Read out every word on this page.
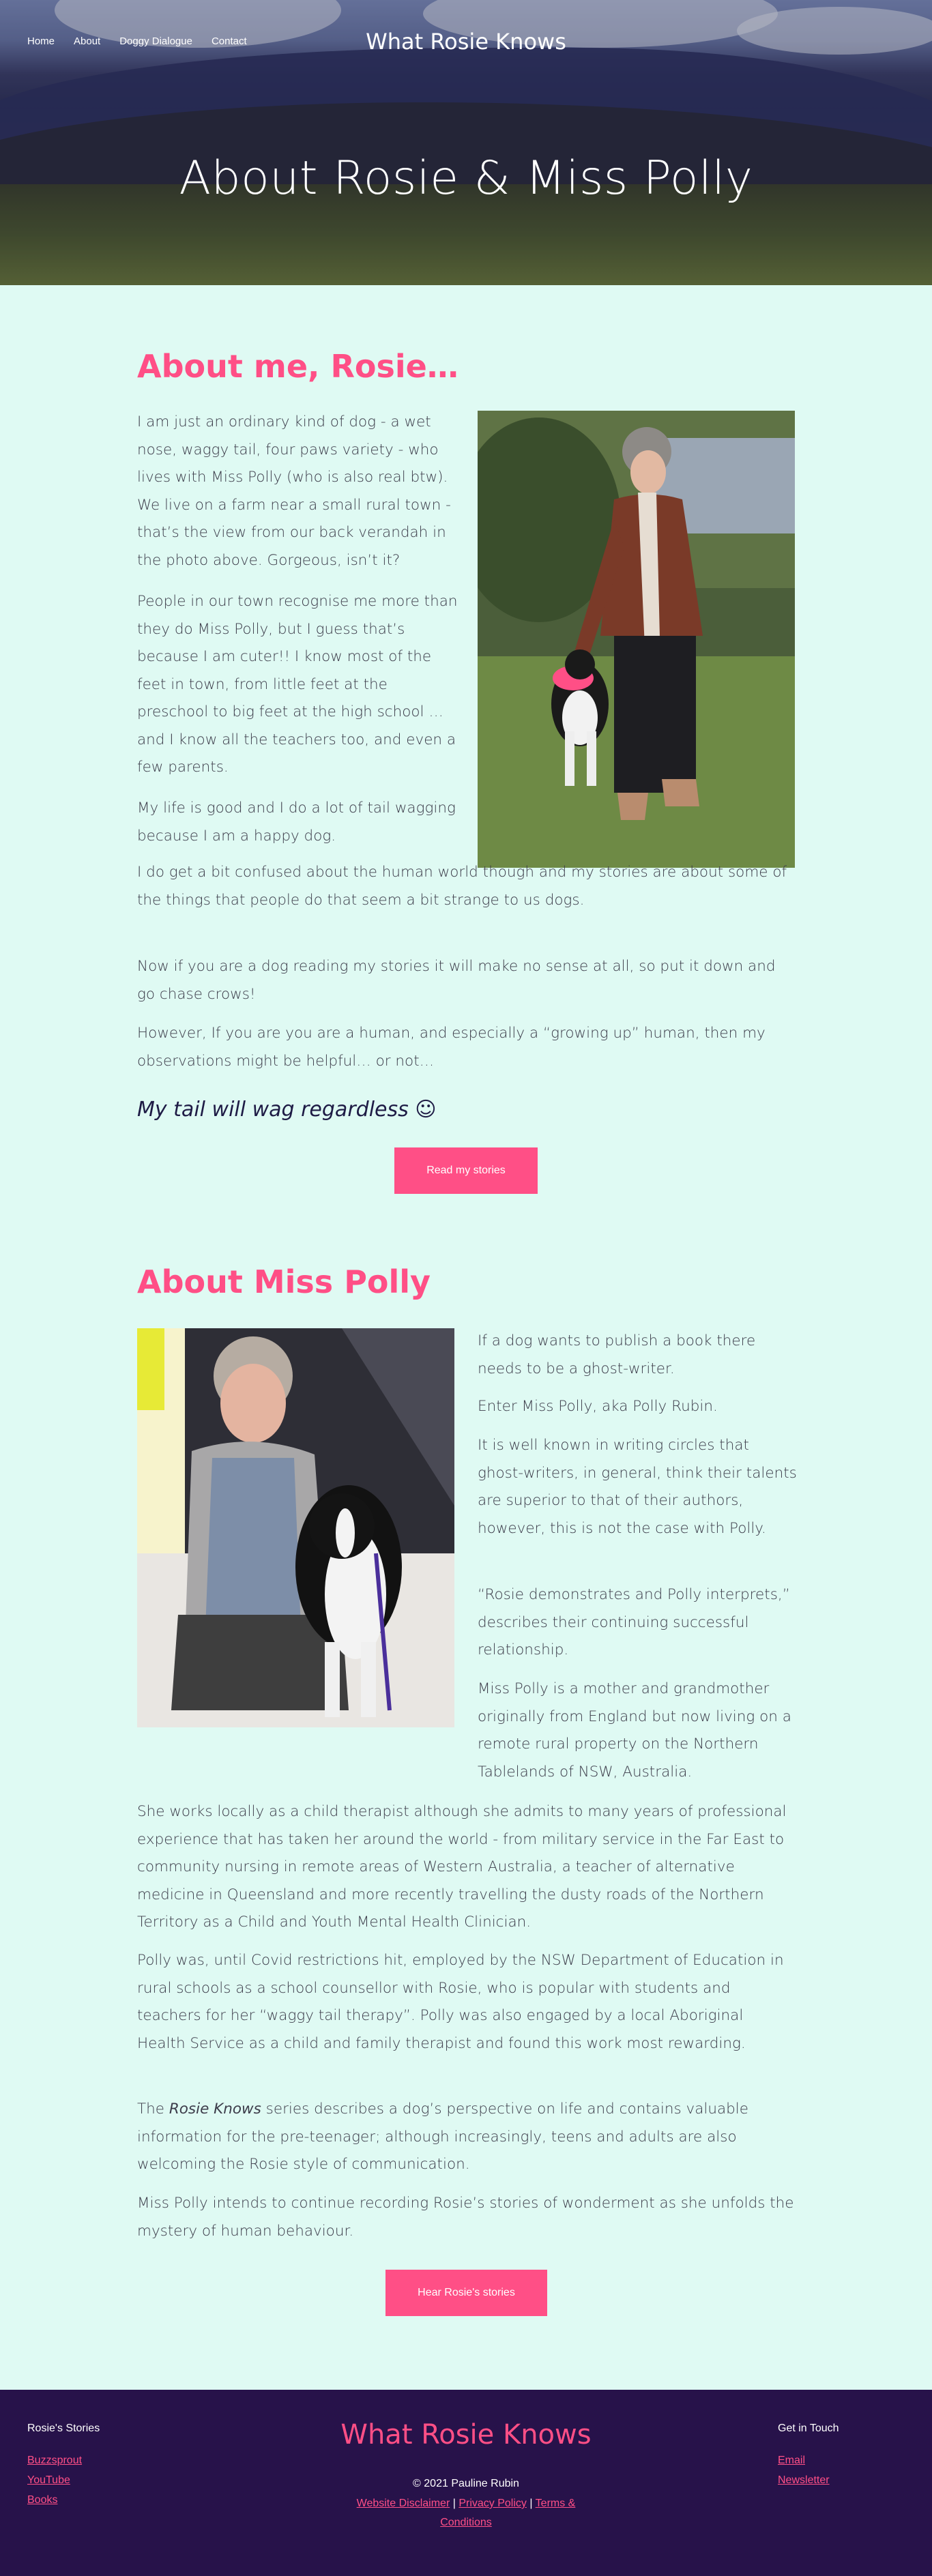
Home About Doggy Dialogue Contact	What Rosie Knows
About Rosie & Miss Polly
About me, Rosie…

I am just an ordinary kind of dog - a wet nose, waggy tail, four paws variety - who lives with Miss Polly (who is also real btw). We live on a farm near a small rural town - that’s the view from our back verandah in the photo above. Gorgeous, isn’t it?

People in our town recognise me more than they do Miss Polly, but I guess that’s because I am cuter!! I know most of the feet in town, from little feet at the preschool to big feet at the high school … and I know all the teachers too, and even a few parents.

My life is good and I do a lot of tail wagging because I am a happy dog.

I do get a bit confused about the human world though and my stories are about some of the things that people do that seem a bit strange to us dogs.

Now if you are a dog reading my stories it will make no sense at all, so put it down and go chase crows!

However, If you are you are a human, and especially a “growing up” human, then my observations might be helpful… or not…

My tail will wag regardless ☺

Read my stories
About Miss Polly

If a dog wants to publish a book there needs to be a ghost-writer.

Enter Miss Polly, aka Polly Rubin.

It is well known in writing circles that ghost-writers, in general, think their talents are superior to that of their authors, however, this is not the case with Polly.

“Rosie demonstrates and Polly interprets,” describes their continuing successful relationship.

Miss Polly is a mother and grandmother originally from England but now living on a remote rural property on the Northern Tablelands of NSW, Australia.

She works locally as a child therapist although she admits to many years of professional experience that has taken her around the world - from military service in the Far East to community nursing in remote areas of Western Australia, a teacher of alternative medicine in Queensland and more recently travelling the dusty roads of the Northern Territory as a Child and Youth Mental Health Clinician.

Polly was, until Covid restrictions hit, employed by the NSW Department of Education in rural schools as a school counsellor with Rosie, who is popular with students and teachers for her “waggy tail therapy”. Polly was also engaged by a local Aboriginal Health Service as a child and family therapist and found this work most rewarding.

The Rosie Knows series describes a dog’s perspective on life and contains valuable information for the pre-teenager; although increasingly, teens and adults are also welcoming the Rosie style of communication.

Miss Polly intends to continue recording Rosie’s stories of wonderment as she unfolds the mystery of human behaviour.

Hear Rosie's stories
Rosie's Stories
Buzzsprout
YouTube
Books
What Rosie Knows
© 2021 Pauline Rubin
Website Disclaimer | Privacy Policy | Terms & Conditions
Get in Touch
Email
Newsletter
